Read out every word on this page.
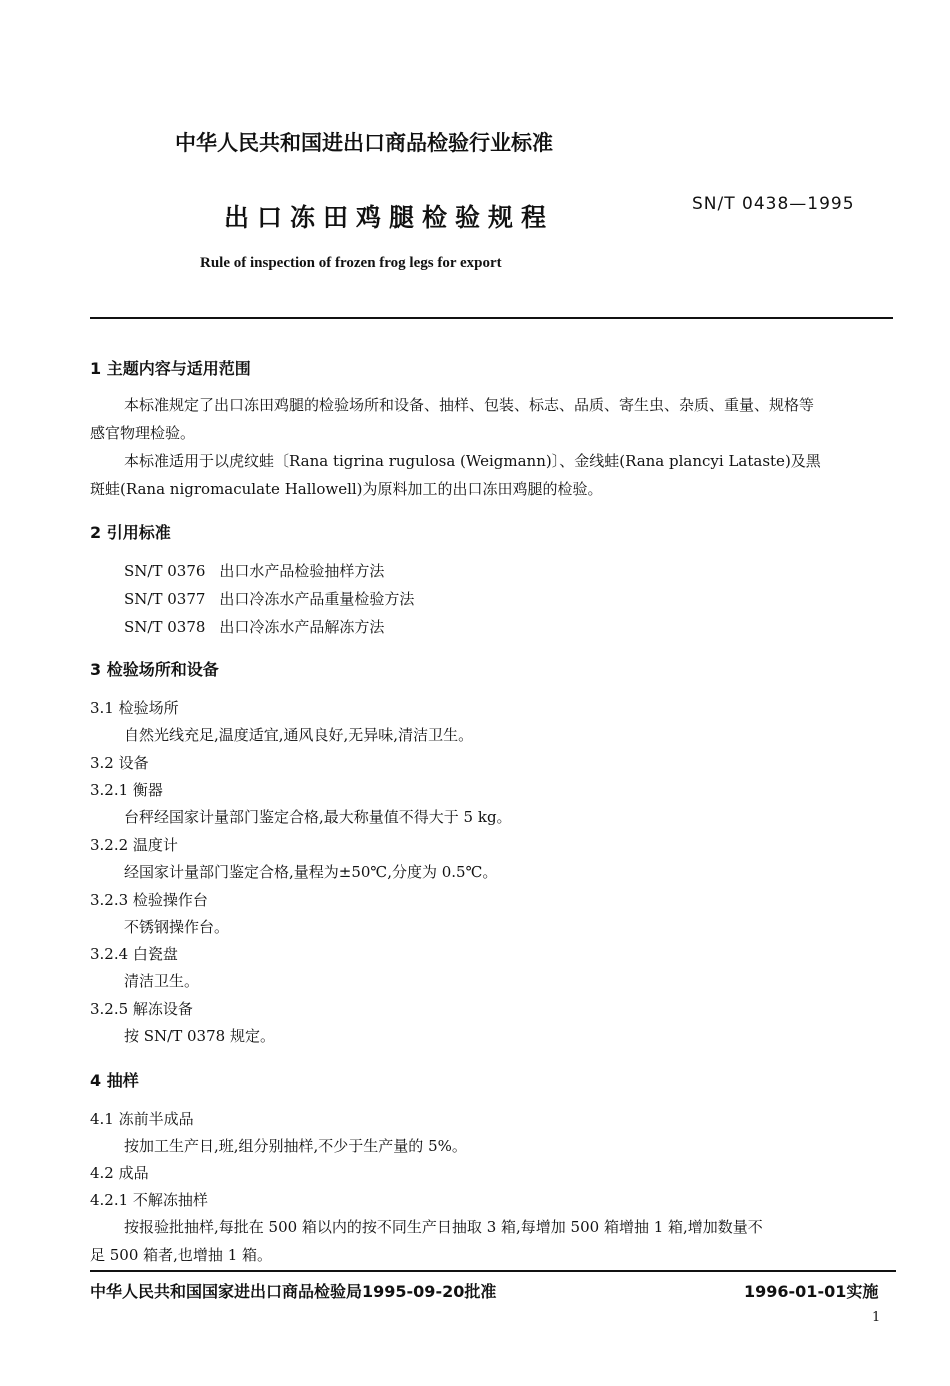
中华人民共和国进出口商品检验行业标准
出口冻田鸡腿检验规程	SN/T 0438—1995
Rule of inspection of frozen frog legs for export
1 主题内容与适用范围
本标准规定了出口冻田鸡腿的检验场所和设备、抽样、包装、标志、品质、寄生虫、杂质、重量、规格等
感官物理检验。
本标准适用于以虎纹蛙〔Rana tigrina rugulosa (Weigmann)〕、金线蛙(Rana plancyi Lataste)及黑
斑蛙(Rana nigromaculate Hallowell)为原料加工的出口冻田鸡腿的检验。
2 引用标准
SN/T 0376 出口水产品检验抽样方法
SN/T 0377 出口冷冻水产品重量检验方法
SN/T 0378 出口冷冻水产品解冻方法
3 检验场所和设备
3.1 检验场所
自然光线充足,温度适宜,通风良好,无异味,清洁卫生。
3.2 设备
3.2.1 衡器
台秤经国家计量部门鉴定合格,最大称量值不得大于 5 kg。
3.2.2 温度计
经国家计量部门鉴定合格,量程为±50℃,分度为 0.5℃。
3.2.3 检验操作台
不锈钢操作台。
3.2.4 白瓷盘
清洁卫生。
3.2.5 解冻设备
按 SN/T 0378 规定。
4 抽样
4.1 冻前半成品
按加工生产日,班,组分别抽样,不少于生产量的 5%。
4.2 成品
4.2.1 不解冻抽样
按报验批抽样,每批在 500 箱以内的按不同生产日抽取 3 箱,每增加 500 箱增抽 1 箱,增加数量不
足 500 箱者,也增抽 1 箱。
中华人民共和国国家进出口商品检验局1995-09-20批准	1996-01-01实施
1
